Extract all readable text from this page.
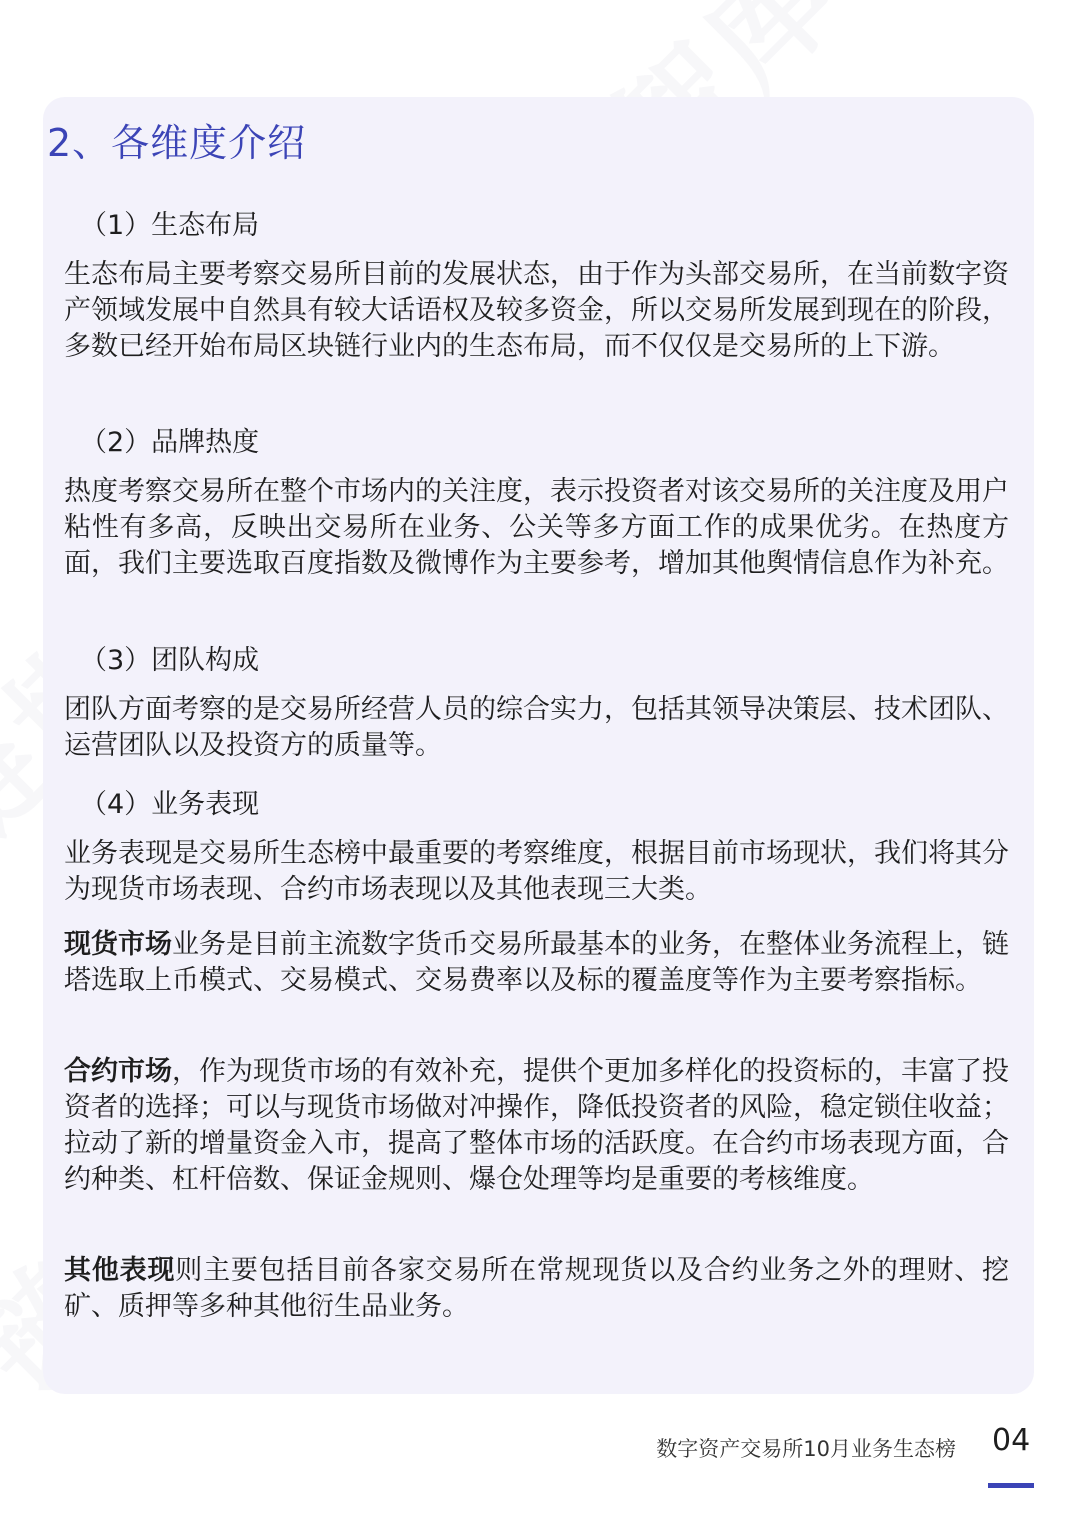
2、各维度介绍
（1）生态布局

生态布局主要考察交易所目前的发展状态，由于作为头部交易所，在当前数字资产领域发展中自然具有较大话语权及较多资金，所以交易所发展到现在的阶段，多数已经开始布局区块链行业内的生态布局，而不仅仅是交易所的上下游。

（2）品牌热度

热度考察交易所在整个市场内的关注度，表示投资者对该交易所的关注度及用户粘性有多高，反映出交易所在业务、公关等多方面工作的成果优劣。在热度方面，我们主要选取百度指数及微博作为主要参考，增加其他舆情信息作为补充。

（3）团队构成

团队方面考察的是交易所经营人员的综合实力，包括其领导决策层、技术团队、运营团队以及投资方的质量等。

（4）业务表现

业务表现是交易所生态榜中最重要的考察维度，根据目前市场现状，我们将其分为现货市场表现、合约市场表现以及其他表现三大类。

现货市场业务是目前主流数字货币交易所最基本的业务，在整体业务流程上，链塔选取上币模式、交易模式、交易费率以及标的覆盖度等作为主要考察指标。

合约市场，作为现货市场的有效补充，提供个更加多样化的投资标的，丰富了投资者的选择；可以与现货市场做对冲操作，降低投资者的风险，稳定锁住收益；拉动了新的增量资金入市，提高了整体市场的活跃度。在合约市场表现方面，合约种类、杠杆倍数、保证金规则、爆仓处理等均是重要的考核维度。

其他表现则主要包括目前各家交易所在常规现货以及合约业务之外的理财、挖矿、质押等多种其他衍生品业务。

数字资产交易所10月业务生态榜 04
